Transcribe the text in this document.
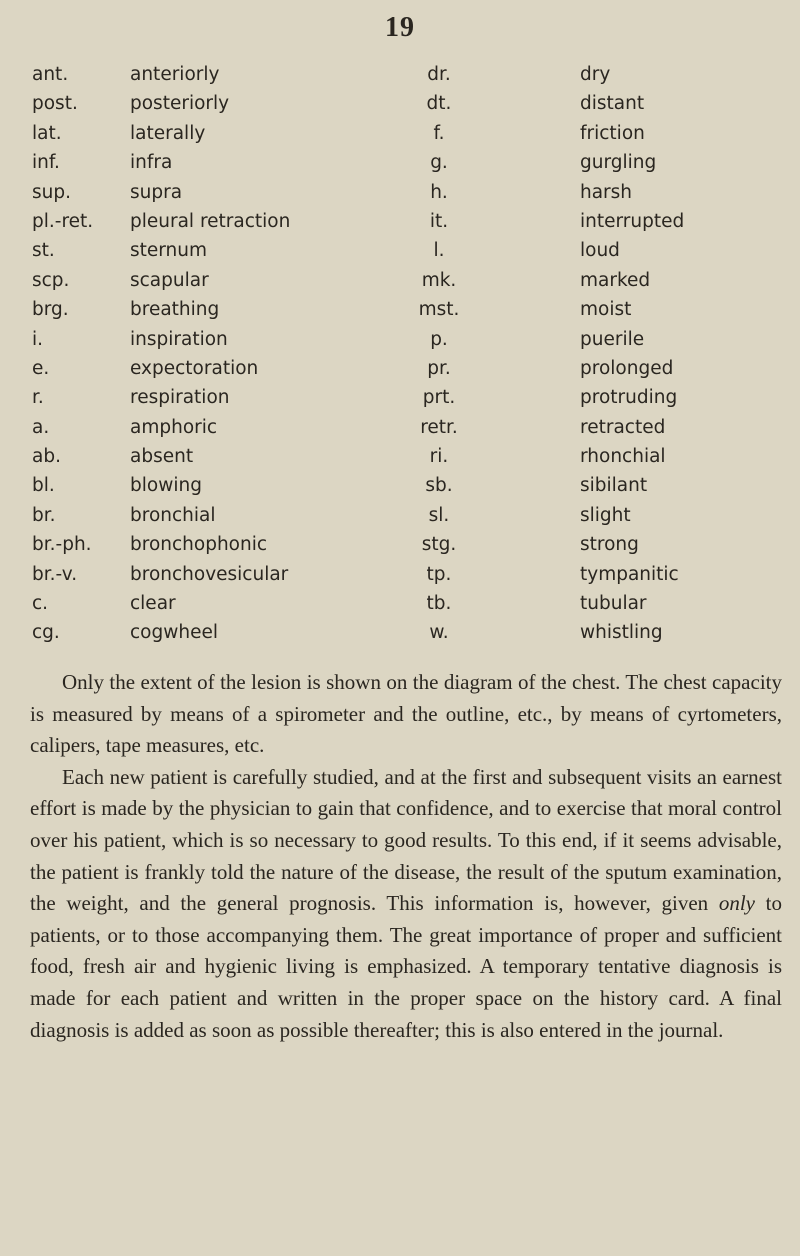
19
ant.	anteriorly	dr.	dry
post.	posteriorly	dt.	distant
lat.	laterally	f.	friction
inf.	infra	g.	gurgling
sup.	supra	h.	harsh
pl.-ret. pleural retraction	it.	interrupted
st.	sternum	l.	loud
scp.	scapular	mk.	marked
brg.	breathing	mst.	moist
i.	inspiration	p.	puerile
e.	expectoration	pr.	prolonged
r.	respiration	prt.	protruding
a.	amphoric	retr.	retracted
ab.	absent	ri.	rhonchial
bl.	blowing	sb.	sibilant
br.	bronchial	sl.	slight
br.-ph. bronchophonic	stg.	strong
br.-v.	bronchovesicular	tp.	tympanitic
c.	clear	tb.	tubular
cg.	cogwheel	w.	whistling

Only the extent of the lesion is shown on the diagram of the chest. The chest capacity is measured by means of a spirometer and the outline, etc., by means of cyrtometers, calipers, tape measures, etc.

Each new patient is carefully studied, and at the first and subsequent visits an earnest effort is made by the physician to gain that confidence, and to exercise that moral control over his patient, which is so necessary to good results. To this end, if it seems advisable, the patient is frankly told the nature of the disease, the result of the sputum examination, the weight, and the general prognosis. This information is, however, given only to patients, or to those accompanying them. The great importance of proper and sufficient food, fresh air and hygienic living is emphasized. A temporary tentative diagnosis is made for each patient and written in the proper space on the history card. A final diagnosis is added as soon as possible thereafter; this is also entered in the journal.
